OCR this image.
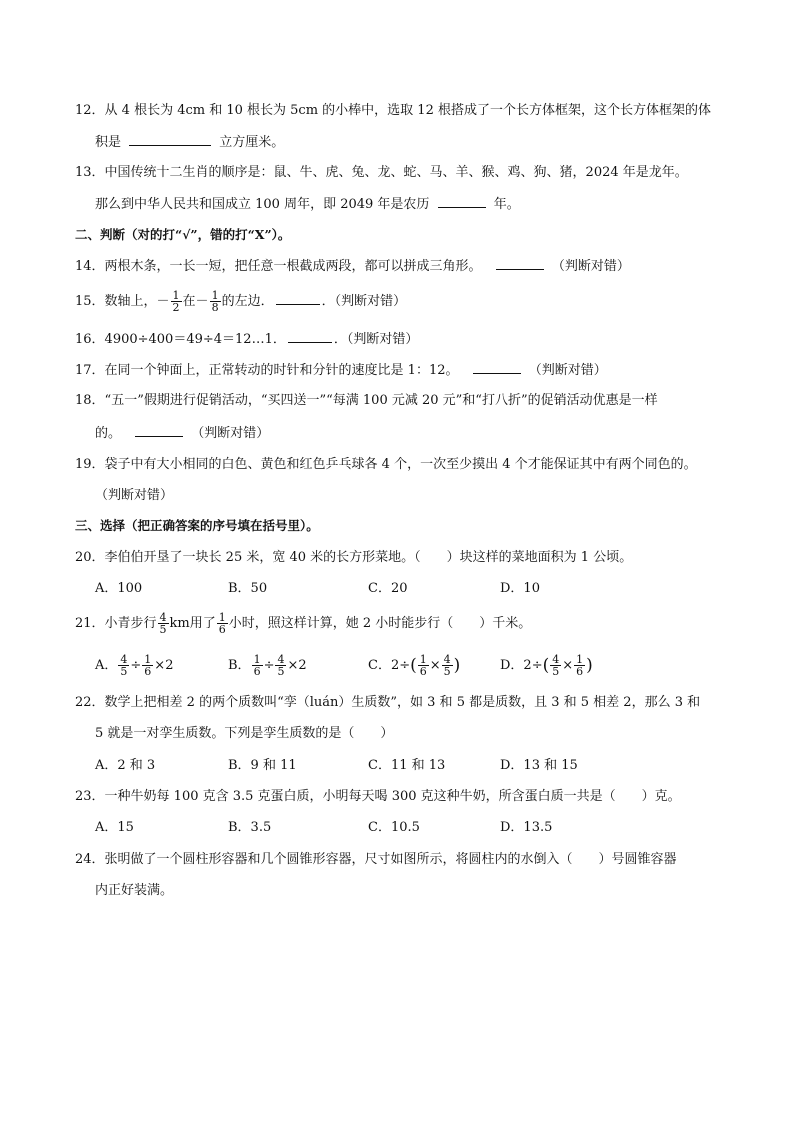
12．从 4 根长为 4cm 和 10 根长为 5cm 的小棒中，选取 12 根搭成了一个长方体框架，这个长方体框架的体
积是	立方厘米。
13．中国传统十二生肖的顺序是：鼠、牛、虎、兔、龙、蛇、马、羊、猴、鸡、狗、猪，2024 年是龙年。
那么到中华人民共和国成立 100 周年，即 2049 年是农历	年。
二、判断（对的打“√”，错的打“X”）。
14．两根木条，一长一短，把任意一根截成两段，都可以拼成三角形。	（判断对错）
15．数轴上，－ $\frac{1}{2}$ 在－ $\frac{1}{8}$ 的左边．	．（判断对错）
16．4900÷400＝49÷4＝12…1．	．（判断对错）
17．在同一个钟面上，正常转动的时针和分针的速度比是 1：12。	（判断对错）
18．“五一”假期进行促销活动，“买四送一”“每满 100 元减 20 元”和“打八折”的促销活动优惠是一样
的。	（判断对错）
19．袋子中有大小相同的白色、黄色和红色乒乓球各 4 个，一次至少摸出 4 个才能保证其中有两个同色的。
（判断对错）
三、选择（把正确答案的序号填在括号里）。
20．李伯伯开垦了一块长 25 米，宽 40 米的长方形菜地。（　　）块这样的菜地面积为 1 公顷。
A．100	B．50	C．20	D．10
21．小青步行 $\frac{4}{5}$ km用了 $\frac{1}{6}$ 小时，照这样计算，她 2 小时能步行（　　）千米。
A． $\frac{4}{5} \div \frac{1}{6} \times 2$	B． $\frac{1}{6} \div \frac{4}{5} \times 2$	C．$2\div( \frac{1}{6} \times \frac{4}{5}$ )	D．$2\div( \frac{4}{5} \times \frac{1}{6}$ )
22．数学上把相差 2 的两个质数叫“孪（luán）生质数”，如 3 和 5 都是质数，且 3 和 5 相差 2，那么 3 和
5 就是一对孪生质数。下列是孪生质数的是（　　）
A．2 和 3	B．9 和 11	C．11 和 13	D．13 和 15
23．一种牛奶每 100 克含 3.5 克蛋白质，小明每天喝 300 克这种牛奶，所含蛋白质一共是（　　）克。
A．15	B．3.5	C．10.5	D．13.5
24．张明做了一个圆柱形容器和几个圆锥形容器，尺寸如图所示，将圆柱内的水倒入（　　）号圆锥容器
内正好装满。
